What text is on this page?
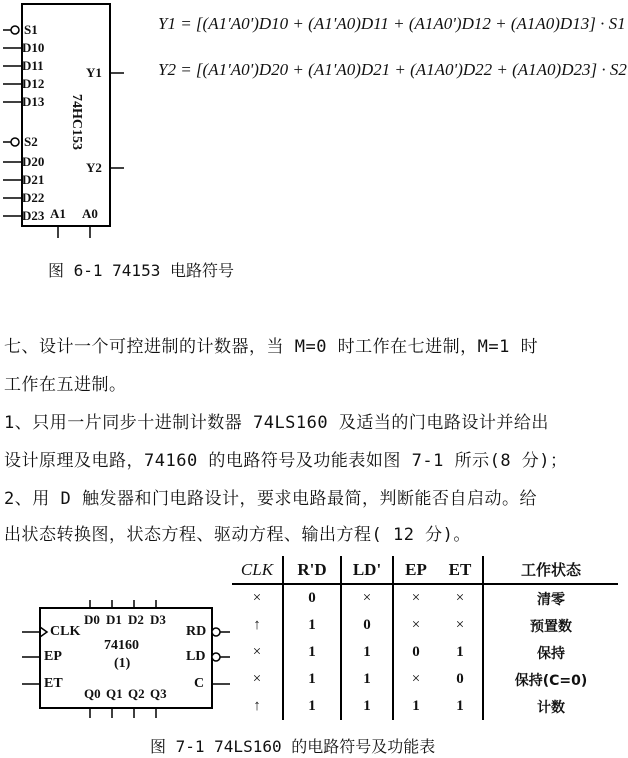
S1
D10
D11
D12
D13
S2
D20
D21
D22
D23
Y1
Y2
A1 A0
74HC153
Y1 = [(A1'A0')D10 + (A1'A0)D11 + (A1A0')D12 + (A1A0)D13] · S1
Y2 = [(A1'A0')D20 + (A1'A0)D21 + (A1A0')D22 + (A1A0)D23] · S2
图 6-1 74153 电路符号
七、设计一个可控进制的计数器，当 M=0 时工作在七进制，M=1 时
工作在五进制。
1、只用一片同步十进制计数器 74LS160 及适当的门电路设计并给出
设计原理及电路，74160 的电路符号及功能表如图 7-1 所示(8 分)；
2、用 D 触发器和门电路设计，要求电路最简，判断能否自启动。给
出状态转换图，状态方程、驱动方程、输出方程( 12 分)。
D0 D1 D2 D3
CLK
EP
ET
RD
LD
C
74160
(1)
Q0 Q1 Q2 Q3
CLK	R'D	LD'	EP	ET	工作状态
×	0	×	×	×	清零
↑	1	0	×	×	预置数
×	1	1	0	1	保持
×	1	1	×	0	保持(C=0)
↑	1	1	1	1	计数
图 7-1 74LS160 的电路符号及功能表
